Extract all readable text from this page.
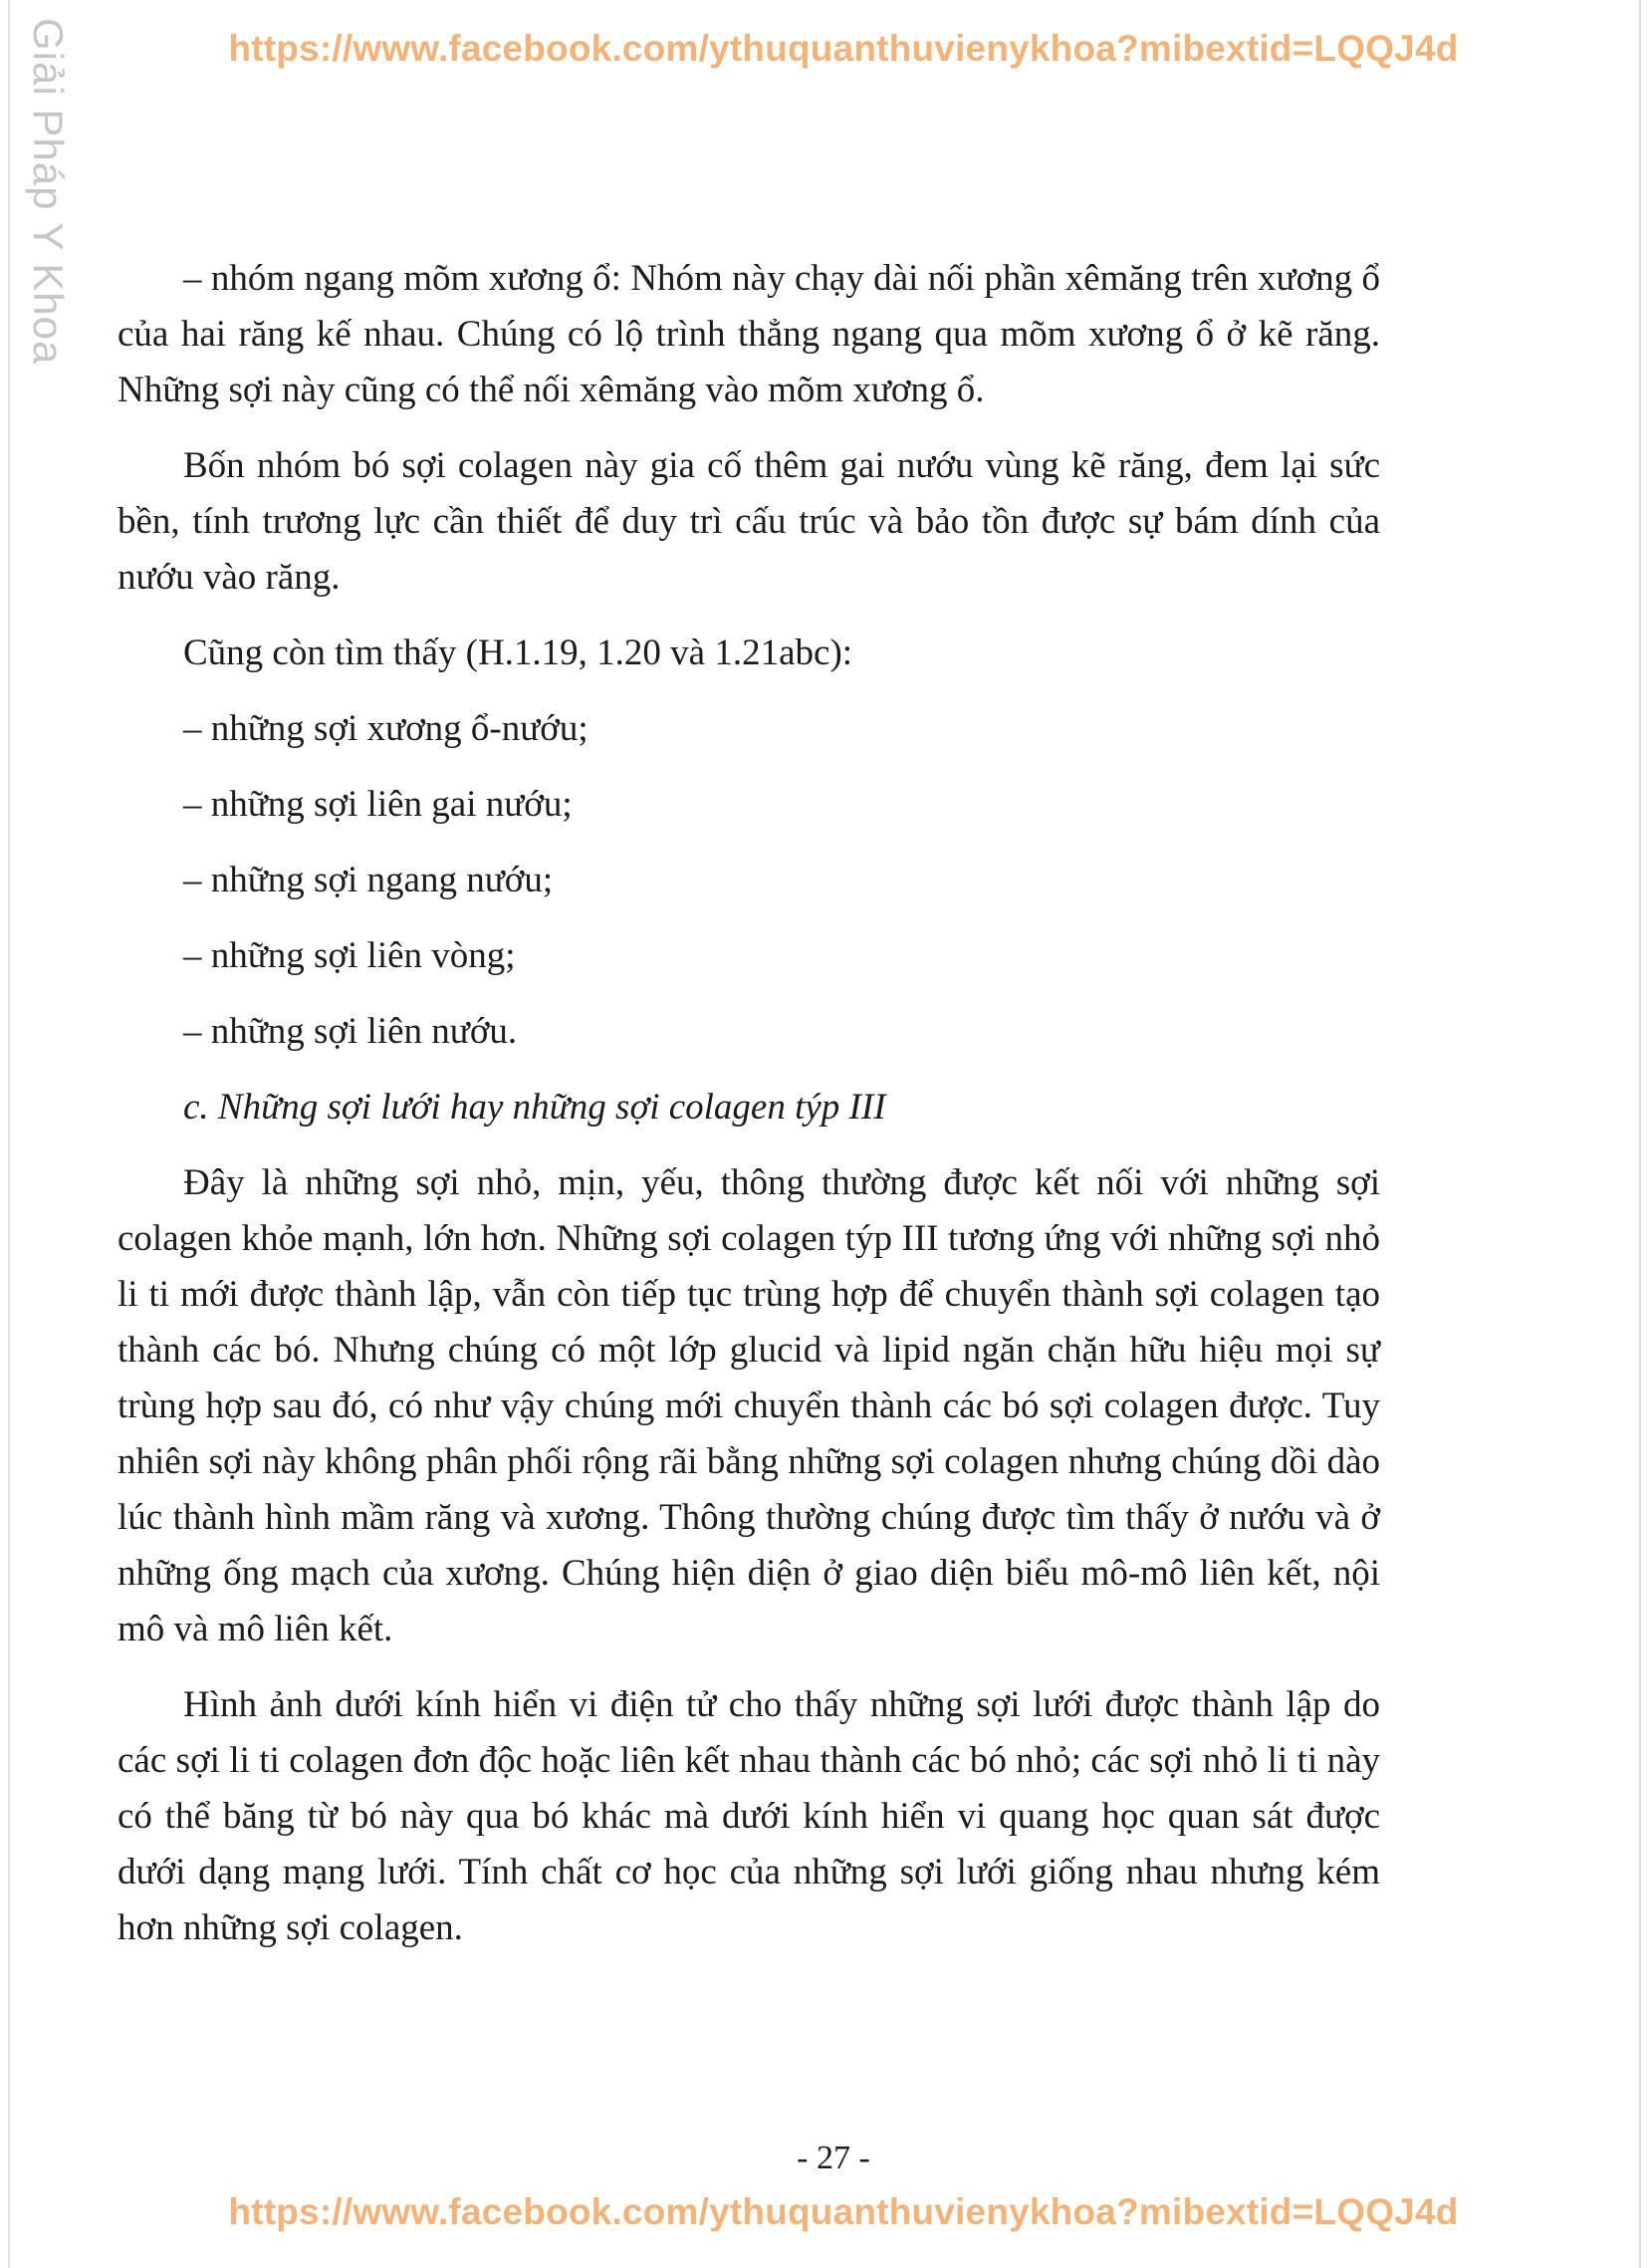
Giải Pháp Y Khoa	https://www.facebook.com/ythuquanthuvienykhoa?mibextid=LQQJ4d

– nhóm ngang mõm xương ổ: Nhóm này chạy dài nối phần xêmăng trên xương ổ của hai răng kế nhau. Chúng có lộ trình thẳng ngang qua mõm xương ổ ở kẽ răng. Những sợi này cũng có thể nối xêmăng vào mõm xương ổ.

Bốn nhóm bó sợi colagen này gia cố thêm gai nướu vùng kẽ răng, đem lại sức bền, tính trương lực cần thiết để duy trì cấu trúc và bảo tồn được sự bám dính của nướu vào răng.

Cũng còn tìm thấy (H.1.19, 1.20 và 1.21abc):

– những sợi xương ổ-nướu;

– những sợi liên gai nướu;

– những sợi ngang nướu;

– những sợi liên vòng;

– những sợi liên nướu.

c. Những sợi lưới hay những sợi colagen týp III

Đây là những sợi nhỏ, mịn, yếu, thông thường được kết nối với những sợi colagen khỏe mạnh, lớn hơn. Những sợi colagen týp III tương ứng với những sợi nhỏ li ti mới được thành lập, vẫn còn tiếp tục trùng hợp để chuyển thành sợi colagen tạo thành các bó. Nhưng chúng có một lớp glucid và lipid ngăn chặn hữu hiệu mọi sự trùng hợp sau đó, có như vậy chúng mới chuyển thành các bó sợi colagen được. Tuy nhiên sợi này không phân phối rộng rãi bằng những sợi colagen nhưng chúng dồi dào lúc thành hình mầm răng và xương. Thông thường chúng được tìm thấy ở nướu và ở những ống mạch của xương. Chúng hiện diện ở giao diện biểu mô-mô liên kết, nội mô và mô liên kết.

Hình ảnh dưới kính hiển vi điện tử cho thấy những sợi lưới được thành lập do các sợi li ti colagen đơn độc hoặc liên kết nhau thành các bó nhỏ; các sợi nhỏ li ti này có thể băng từ bó này qua bó khác mà dưới kính hiển vi quang học quan sát được dưới dạng mạng lưới. Tính chất cơ học của những sợi lưới giống nhau nhưng kém hơn những sợi colagen.

- 27 -
https://www.facebook.com/ythuquanthuvienykhoa?mibextid=LQQJ4d
